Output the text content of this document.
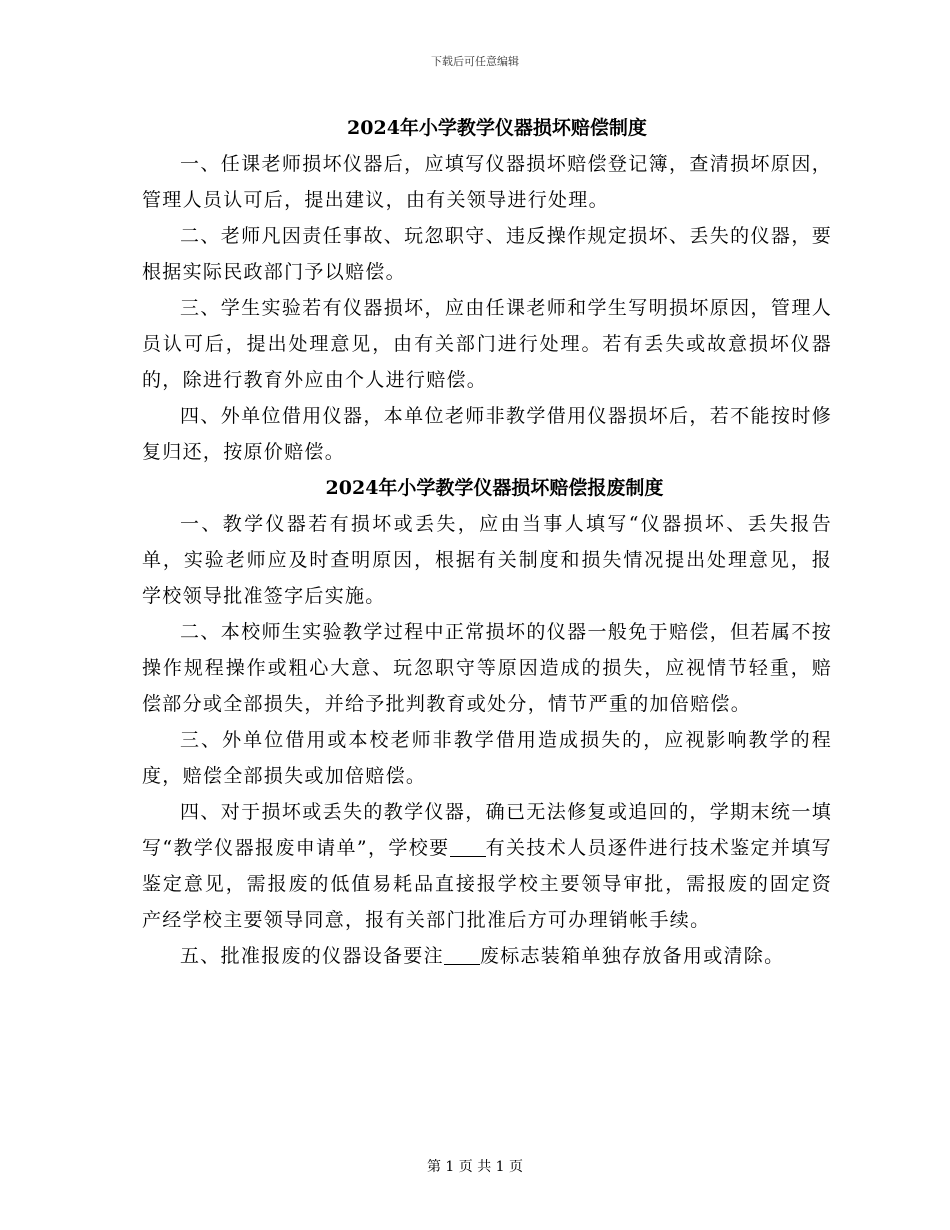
下载后可任意编辑
2024年小学教学仪器损坏赔偿制度

一、任课老师损坏仪器后，应填写仪器损坏赔偿登记簿，查清损坏原因，管理人员认可后，提出建议，由有关领导进行处理。

二、老师凡因责任事故、玩忽职守、违反操作规定损坏、丢失的仪器，要根据实际民政部门予以赔偿。

三、学生实验若有仪器损坏，应由任课老师和学生写明损坏原因，管理人员认可后，提出处理意见，由有关部门进行处理。若有丢失或故意损坏仪器的，除进行教育外应由个人进行赔偿。

四、外单位借用仪器，本单位老师非教学借用仪器损坏后，若不能按时修复归还，按原价赔偿。

2024年小学教学仪器损坏赔偿报废制度

一、教学仪器若有损坏或丢失，应由当事人填写“仪器损坏、丢失报告单，实验老师应及时查明原因，根据有关制度和损失情况提出处理意见，报学校领导批准签字后实施。

二、本校师生实验教学过程中正常损坏的仪器一般免于赔偿，但若属不按操作规程操作或粗心大意、玩忽职守等原因造成的损失，应视情节轻重，赔偿部分或全部损失，并给予批判教育或处分，情节严重的加倍赔偿。

三、外单位借用或本校老师非教学借用造成损失的，应视影响教学的程度，赔偿全部损失或加倍赔偿。

四、对于损坏或丢失的教学仪器，确已无法修复或追回的，学期末统一填写“教学仪器报废申请单”，学校要 有关技术人员逐件进行技术鉴定并填写鉴定意见，需报废的低值易耗品直接报学校主要领导审批，需报废的固定资产经学校主要领导同意，报有关部门批准后方可办理销帐手续。

五、批准报废的仪器设备要注 废标志装箱单独存放备用或清除。

第 1 页 共 1 页
